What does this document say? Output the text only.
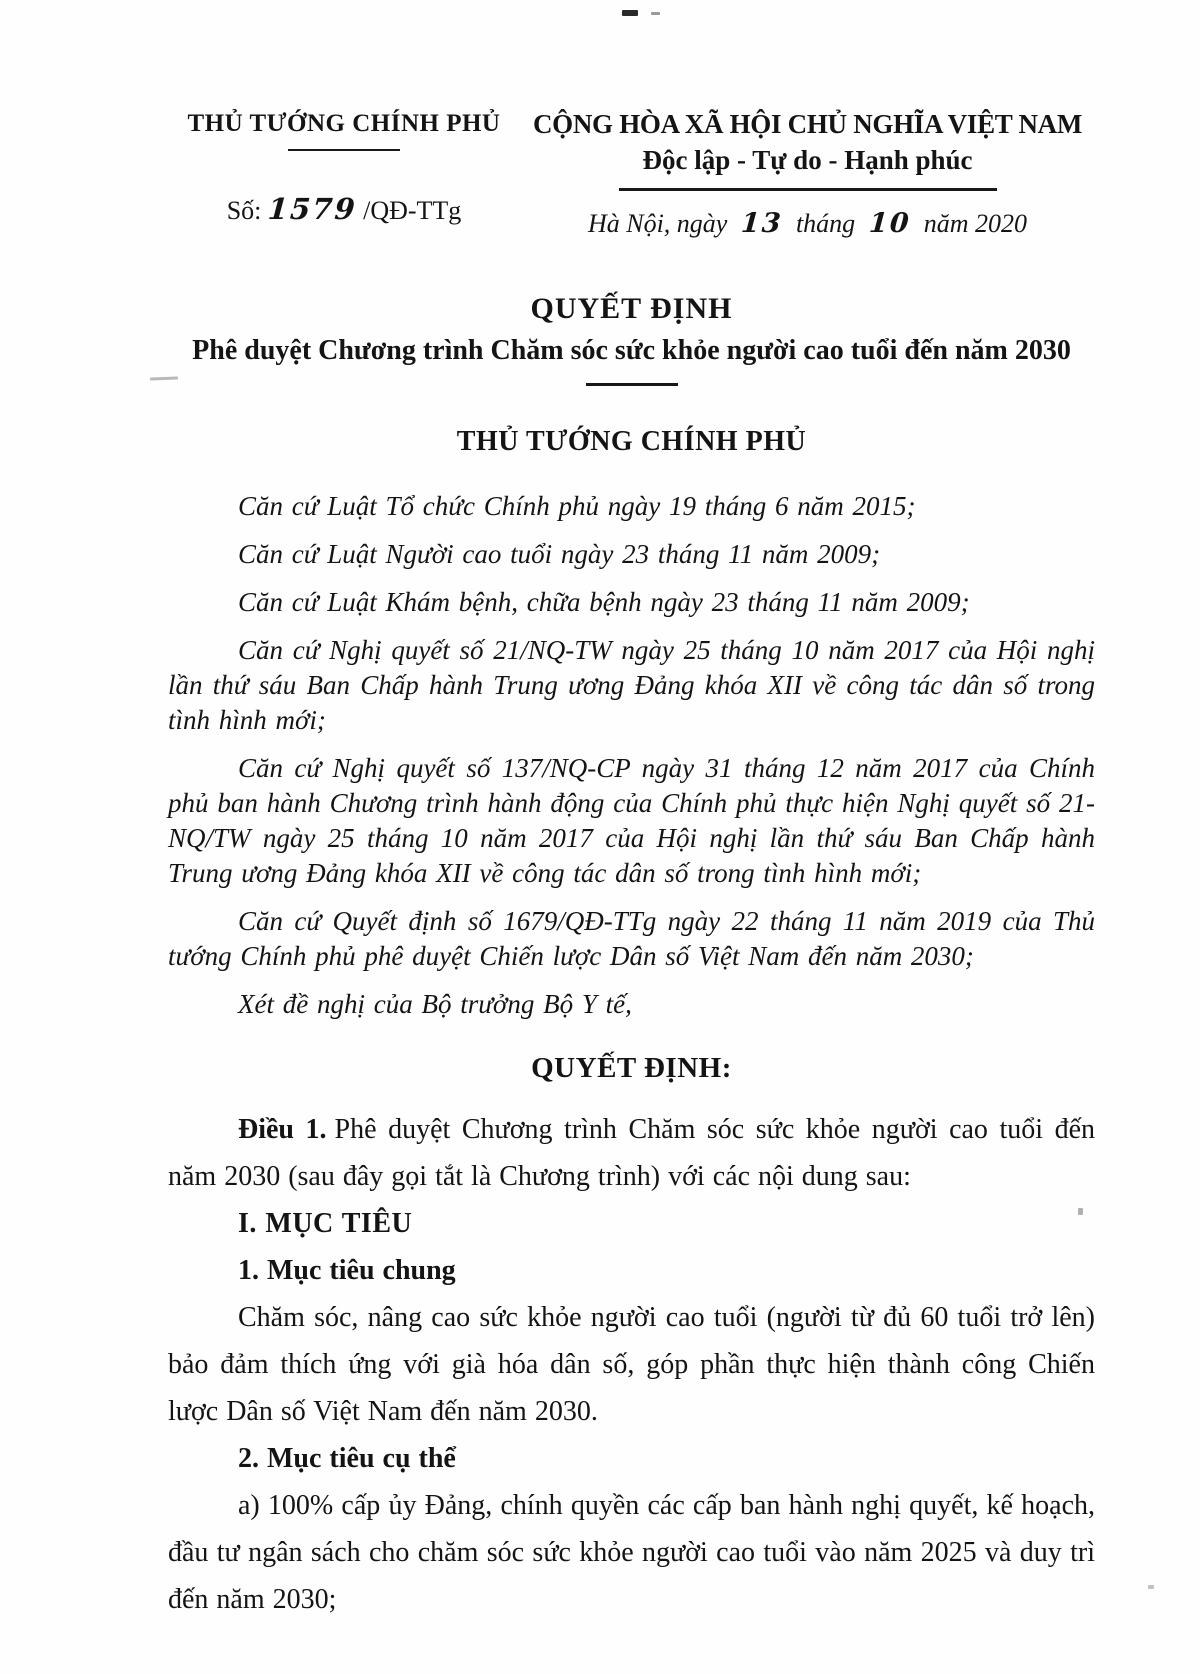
THỦ TƯỚNG CHÍNH PHỦ
Số: 1579 /QĐ-TTg
CỘNG HÒA XÃ HỘI CHỦ NGHĨA VIỆT NAM
Độc lập - Tự do - Hạnh phúc
Hà Nội, ngày 13 tháng 10 năm 2020
QUYẾT ĐỊNH
Phê duyệt Chương trình Chăm sóc sức khỏe người cao tuổi đến năm 2030
THỦ TƯỚNG CHÍNH PHỦ

Căn cứ Luật Tổ chức Chính phủ ngày 19 tháng 6 năm 2015;

Căn cứ Luật Người cao tuổi ngày 23 tháng 11 năm 2009;

Căn cứ Luật Khám bệnh, chữa bệnh ngày 23 tháng 11 năm 2009;

Căn cứ Nghị quyết số 21/NQ-TW ngày 25 tháng 10 năm 2017 của Hội nghị lần thứ sáu Ban Chấp hành Trung ương Đảng khóa XII về công tác dân số trong tình hình mới;

Căn cứ Nghị quyết số 137/NQ-CP ngày 31 tháng 12 năm 2017 của Chính phủ ban hành Chương trình hành động của Chính phủ thực hiện Nghị quyết số 21-NQ/TW ngày 25 tháng 10 năm 2017 của Hội nghị lần thứ sáu Ban Chấp hành Trung ương Đảng khóa XII về công tác dân số trong tình hình mới;

Căn cứ Quyết định số 1679/QĐ-TTg ngày 22 tháng 11 năm 2019 của Thủ tướng Chính phủ phê duyệt Chiến lược Dân số Việt Nam đến năm 2030;

Xét đề nghị của Bộ trưởng Bộ Y tế,

QUYẾT ĐỊNH:

Điều 1. Phê duyệt Chương trình Chăm sóc sức khỏe người cao tuổi đến năm 2030 (sau đây gọi tắt là Chương trình) với các nội dung sau:

I. MỤC TIÊU

1. Mục tiêu chung

Chăm sóc, nâng cao sức khỏe người cao tuổi (người từ đủ 60 tuổi trở lên) bảo đảm thích ứng với già hóa dân số, góp phần thực hiện thành công Chiến lược Dân số Việt Nam đến năm 2030.

2. Mục tiêu cụ thể

a) 100% cấp ủy Đảng, chính quyền các cấp ban hành nghị quyết, kế hoạch, đầu tư ngân sách cho chăm sóc sức khỏe người cao tuổi vào năm 2025 và duy trì đến năm 2030;
